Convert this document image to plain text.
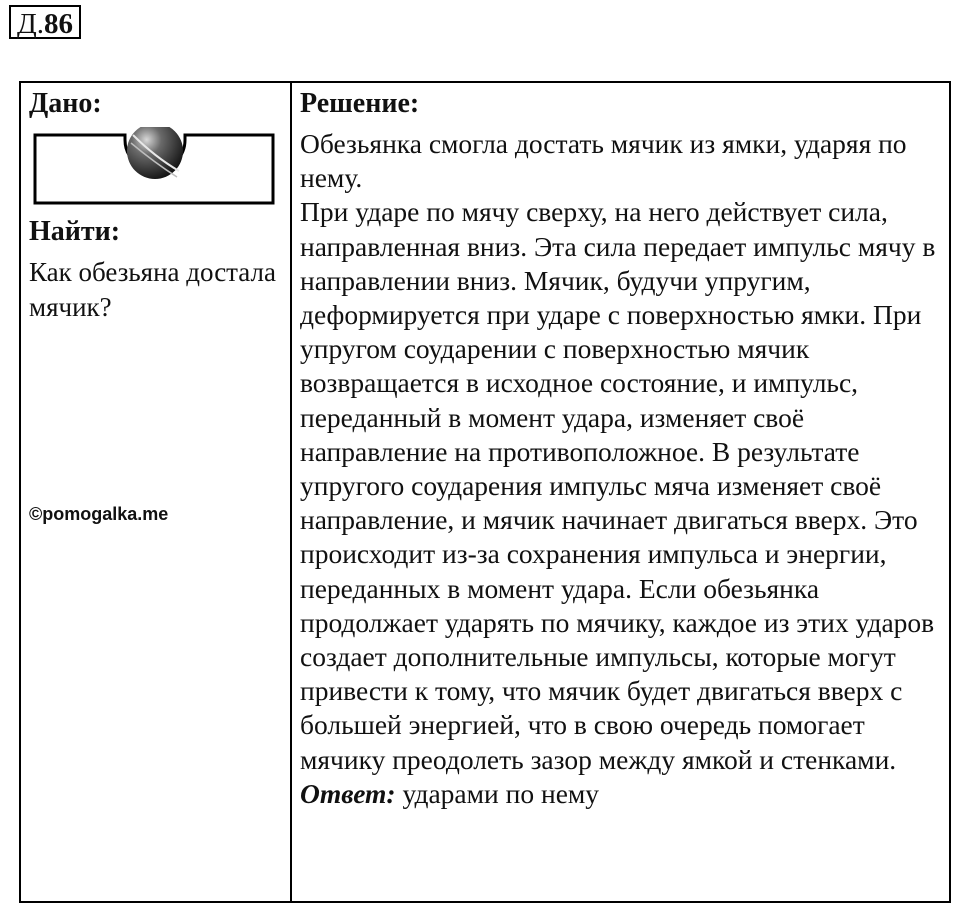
Д.86
Дано:
Найти:
Как обезьяна достала мячик?
©pomogalka.me
Решение:

Обезьянка смогла достать мячик из ямки, ударяя по нему.

При ударе по мячу сверху, на него действует сила, направленная вниз. Эта сила передает импульс мячу в направлении вниз. Мячик, будучи упругим, деформируется при ударе с поверхностью ямки. При упругом соударении с поверхностью мячик возвращается в исходное состояние, и импульс, переданный в момент удара, изменяет своё направление на противоположное. В результате упругого соударения импульс мяча изменяет своё направление, и мячик начинает двигаться вверх. Это происходит из-за сохранения импульса и энергии, переданных в момент удара. Если обезьянка продолжает ударять по мячику, каждое из этих ударов создает дополнительные импульсы, которые могут привести к тому, что мячик будет двигаться вверх с большей энергией, что в свою очередь помогает мячику преодолеть зазор между ямкой и стенками.

Ответ: ударами по нему
